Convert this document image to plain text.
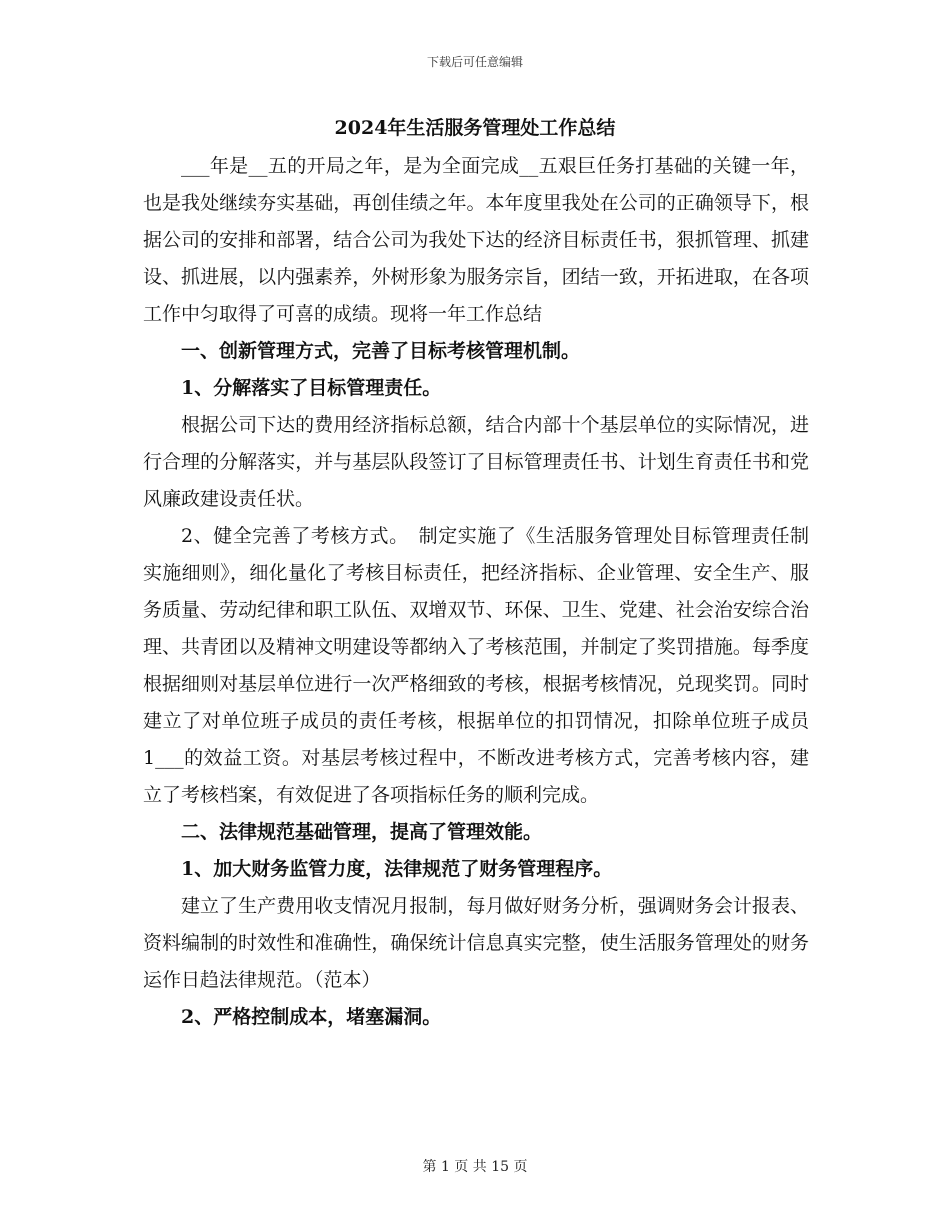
下载后可任意编辑
2024年生活服务管理处工作总结

___年是__五的开局之年，是为全面完成__五艰巨任务打基础的关键一年，也是我处继续夯实基础，再创佳绩之年。本年度里我处在公司的正确领导下，根据公司的安排和部署，结合公司为我处下达的经济目标责任书，狠抓管理、抓建设、抓进展，以内强素养，外树形象为服务宗旨，团结一致，开拓进取，在各项工作中匀取得了可喜的成绩。现将一年工作总结

一、创新管理方式，完善了目标考核管理机制。

1、分解落实了目标管理责任。

根据公司下达的费用经济指标总额，结合内部十个基层单位的实际情况，进行合理的分解落实，并与基层队段签订了目标管理责任书、计划生育责任书和党风廉政建设责任状。

2、健全完善了考核方式。　制定实施了《生活服务管理处目标管理责任制实施细则》，细化量化了考核目标责任，把经济指标、企业管理、安全生产、服务质量、劳动纪律和职工队伍、双增双节、环保、卫生、党建、社会治安综合治理、共青团以及精神文明建设等都纳入了考核范围，并制定了奖罚措施。每季度根据细则对基层单位进行一次严格细致的考核，根据考核情况，兑现奖罚。同时建立了对单位班子成员的责任考核，根据单位的扣罚情况，扣除单位班子成员1___的效益工资。对基层考核过程中，不断改进考核方式，完善考核内容，建立了考核档案，有效促进了各项指标任务的顺利完成。

二、法律规范基础管理，提高了管理效能。

1、加大财务监管力度，法律规范了财务管理程序。

建立了生产费用收支情况月报制，每月做好财务分析，强调财务会计报表、资料编制的时效性和准确性，确保统计信息真实完整，使生活服务管理处的财务运作日趋法律规范。（范本）

2、严格控制成本，堵塞漏洞。

第 1 页 共 15 页
